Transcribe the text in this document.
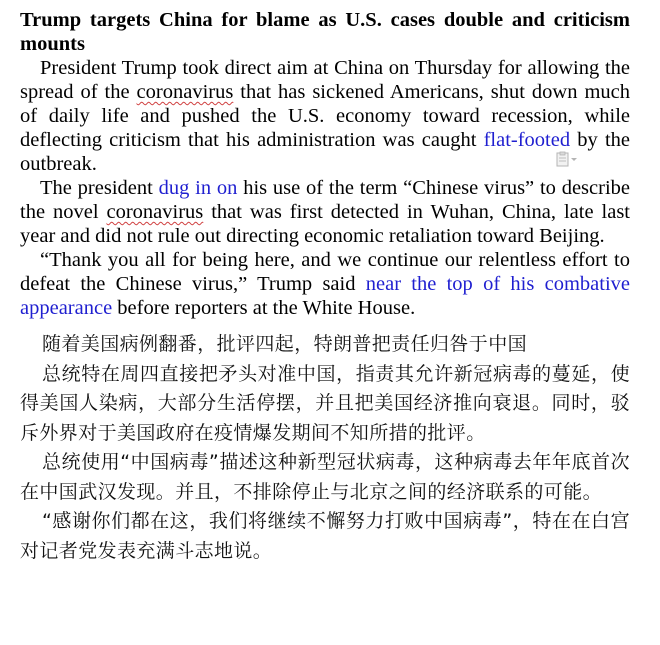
Trump targets China for blame as U.S. cases double and criticism mounts

President Trump took direct aim at China on Thursday for allowing the spread of the coronavirus that has sickened Americans, shut down much of daily life and pushed the U.S. economy toward recession, while deflecting criticism that his administration was caught flat-footed by the outbreak.

The president dug in on his use of the term “Chinese virus” to describe the novel coronavirus that was first detected in Wuhan, China, late last year and did not rule out directing economic retaliation toward Beijing.

“Thank you all for being here, and we continue our relentless effort to defeat the Chinese virus,” Trump said near the top of his combative appearance before reporters at the White House.

随着美国病例翻番，批评四起，特朗普把责任归咎于中国

总统特在周四直接把矛头对准中国，指责其允许新冠病毒的蔓延，使得美国人染病，大部分生活停摆，并且把美国经济推向衰退。同时，驳斥外界对于美国政府在疫情爆发期间不知所措的批评。

总统使用“中国病毒”描述这种新型冠状病毒，这种病毒去年年底首次在中国武汉发现。并且，不排除停止与北京之间的经济联系的可能。

“感谢你们都在这，我们将继续不懈努力打败中国病毒”，特在在白宫对记者党发表充满斗志地说。
